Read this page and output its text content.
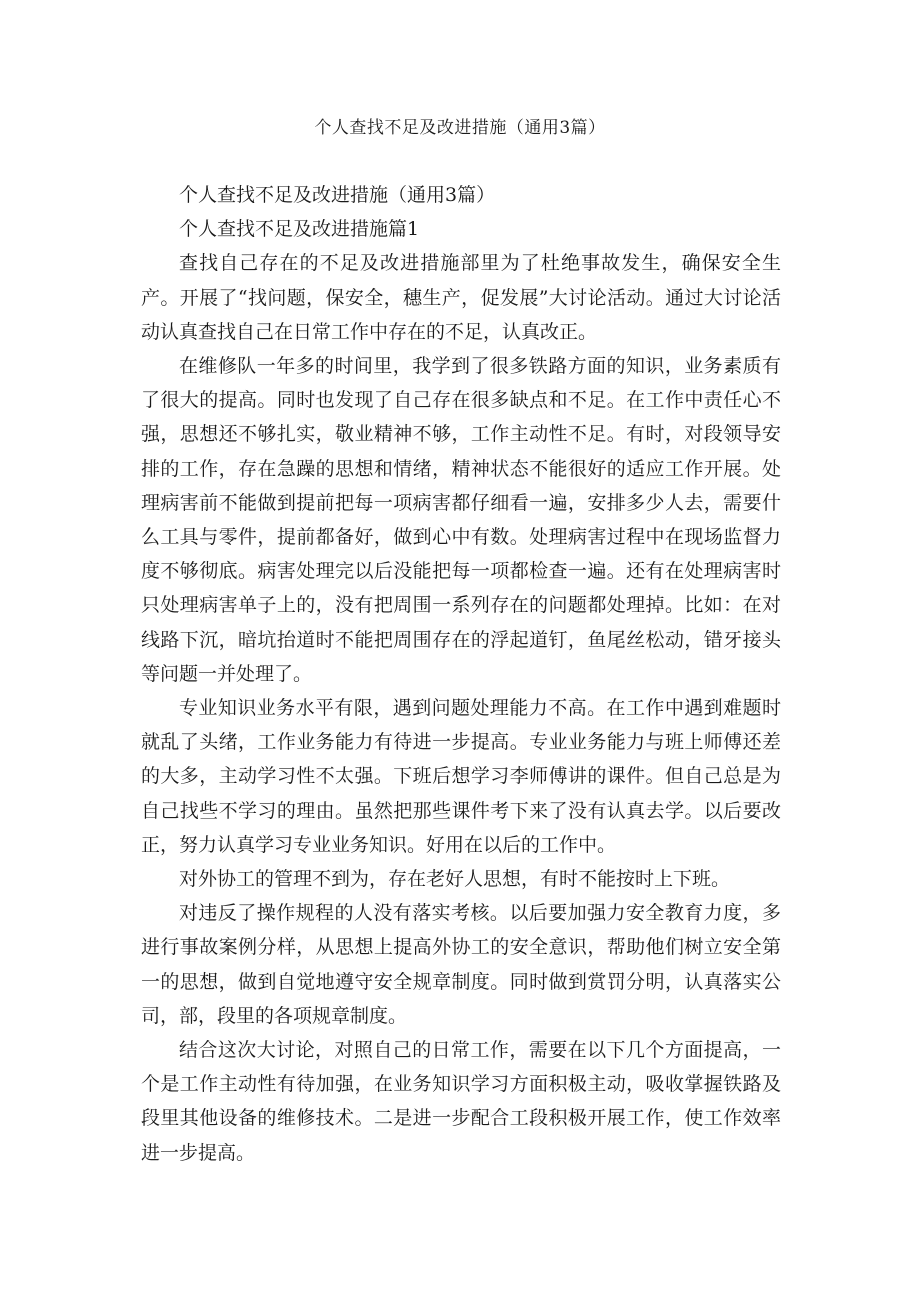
个人查找不足及改进措施（通用3篇）

个人查找不足及改进措施（通用3篇）

个人查找不足及改进措施篇1

查找自己存在的不足及改进措施部里为了杜绝事故发生，确保安全生产。开展了“找问题，保安全，穗生产，促发展”大讨论活动。通过大讨论活动认真查找自己在日常工作中存在的不足，认真改正。

在维修队一年多的时间里，我学到了很多铁路方面的知识，业务素质有了很大的提高。同时也发现了自己存在很多缺点和不足。在工作中责任心不强，思想还不够扎实，敬业精神不够，工作主动性不足。有时，对段领导安排的工作，存在急躁的思想和情绪，精神状态不能很好的适应工作开展。处理病害前不能做到提前把每一项病害都仔细看一遍，安排多少人去，需要什么工具与零件，提前都备好，做到心中有数。处理病害过程中在现场监督力度不够彻底。病害处理完以后没能把每一项都检查一遍。还有在处理病害时只处理病害单子上的，没有把周围一系列存在的问题都处理掉。比如：在对线路下沉，暗坑抬道时不能把周围存在的浮起道钉，鱼尾丝松动，错牙接头等问题一并处理了。

专业知识业务水平有限，遇到问题处理能力不高。在工作中遇到难题时就乱了头绪，工作业务能力有待进一步提高。专业业务能力与班上师傅还差的大多，主动学习性不太强。下班后想学习李师傅讲的课件。但自己总是为自己找些不学习的理由。虽然把那些课件考下来了没有认真去学。以后要改正，努力认真学习专业业务知识。好用在以后的工作中。

对外协工的管理不到为，存在老好人思想，有时不能按时上下班。

对违反了操作规程的人没有落实考核。以后要加强力安全教育力度，多进行事故案例分样，从思想上提高外协工的安全意识，帮助他们树立安全第一的思想，做到自觉地遵守安全规章制度。同时做到赏罚分明，认真落实公司，部，段里的各项规章制度。

结合这次大讨论，对照自己的日常工作，需要在以下几个方面提高，一个是工作主动性有待加强，在业务知识学习方面积极主动，吸收掌握铁路及段里其他设备的维修技术。二是进一步配合工段积极开展工作，使工作效率进一步提高。
